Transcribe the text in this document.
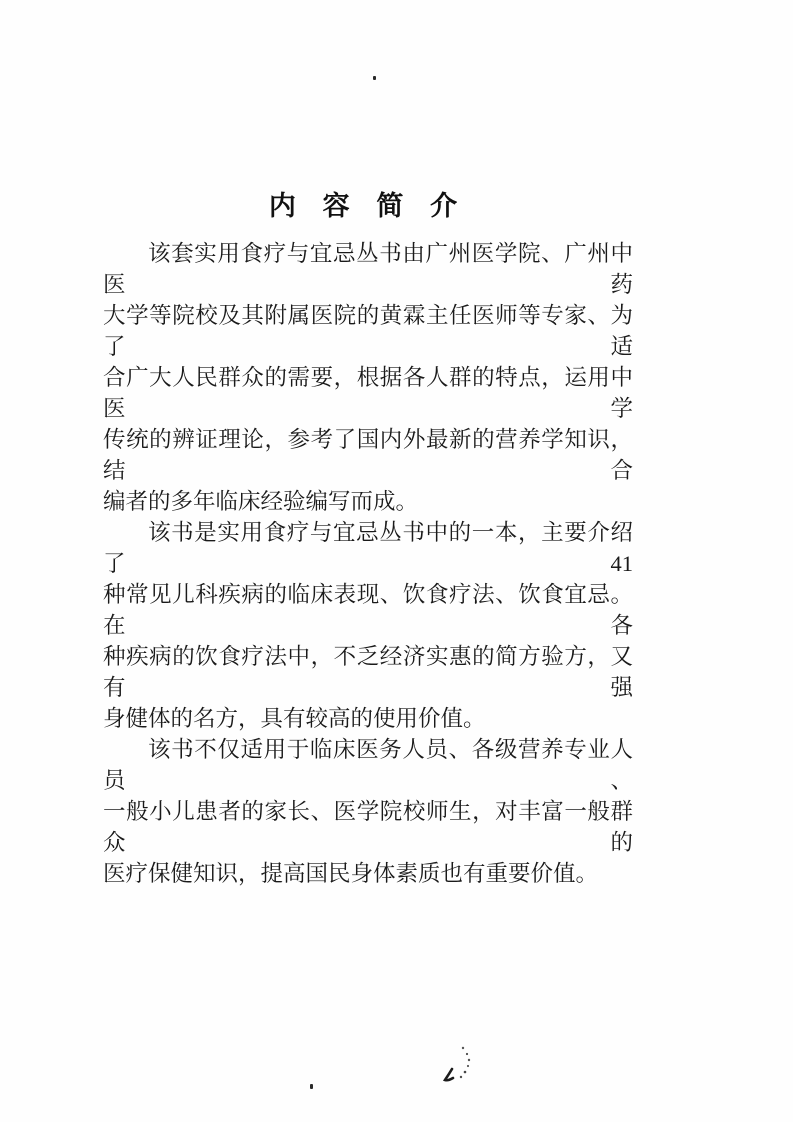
内 容 简 介
该套实用食疗与宜忌丛书由广州医学院、广州中医药
大学等院校及其附属医院的黄霖主任医师等专家、为了适
合广大人民群众的需要，根据各人群的特点，运用中医学
传统的辨证理论，参考了国内外最新的营养学知识，结合
编者的多年临床经验编写而成。
该书是实用食疗与宜忌丛书中的一本，主要介绍了41
种常见儿科疾病的临床表现、饮食疗法、饮食宜忌。在各
种疾病的饮食疗法中，不乏经济实惠的简方验方，又有强
身健体的名方，具有较高的使用价值。
该书不仅适用于临床医务人员、各级营养专业人员、
一般小儿患者的家长、医学院校师生，对丰富一般群众的
医疗保健知识，提高国民身体素质也有重要价值。
